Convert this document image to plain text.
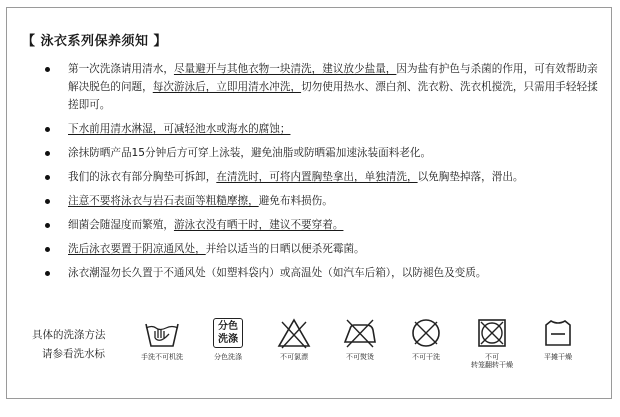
【 泳衣系列保养须知 】
第一次洗涤请用清水，尽量避开与其他衣物一块清洗，建议放少盐量，因为盐有护色与杀菌的作用，可有效帮助亲解决脱色的问题，每次游泳后，立即用清水冲洗，切勿使用热水、漂白剂、洗衣粉、洗衣机搅洗，只需用手轻轻揉搓即可。
下水前用清水淋湿，可减轻池水或海水的腐蚀；
涂抹防晒产品15分钟后方可穿上泳装，避免油脂或防晒霜加速泳装面料老化。
我们的泳衣有部分胸垫可拆卸，在清洗时，可将内置胸垫拿出，单独清洗，以免胸垫掉落，滑出。
注意不要将泳衣与岩石表面等粗糙摩擦，避免布料损伤。
细菌会随湿度而繁殖，游泳衣没有晒干时，建议不要穿着。
洗后泳衣要置于阴凉通风处，并给以适当的日晒以便杀死霉菌。
泳衣潮湿勿长久置于不通风处（如塑料袋内）或高温处（如汽车后箱），以防褪色及变质。
具体的洗涤方法
请参看洗水标	手洗不可机洗
分色
洗涤
分色洗涤	不可氯漂	不可熨烫	不可干洗	不可
转笼翻转干燥
平摊干燥
